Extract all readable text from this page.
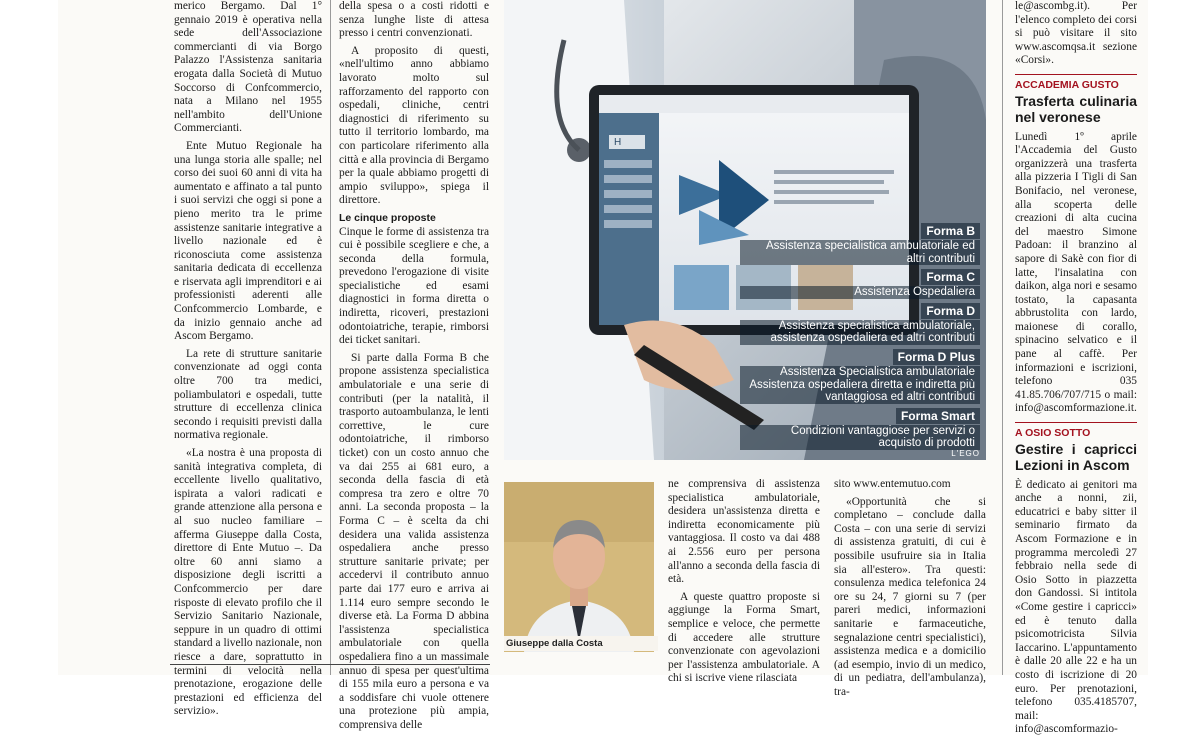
merico Bergamo. Dal 1° gennaio 2019 è operativa nella sede dell'Associazione commercianti di via Borgo Palazzo l'Assistenza sanitaria erogata dalla Società di Mutuo Soccorso di Confcommercio, nata a Milano nel 1955 nell'ambito dell'Unione Commercianti.

Ente Mutuo Regionale ha una lunga storia alle spalle; nel corso dei suoi 60 anni di vita ha aumentato e affinato a tal punto i suoi servizi che oggi si pone a pieno merito tra le prime assistenze sanitarie integrative a livello nazionale ed è riconosciuta come assistenza sanitaria dedicata di eccellenza e riservata agli imprenditori e ai professionisti aderenti alle Confcommercio Lombarde, e da inizio gennaio anche ad Ascom Bergamo.

La rete di strutture sanitarie convenzionate ad oggi conta oltre 700 tra medici, poliambulatori e ospedali, tutte strutture di eccellenza clinica secondo i requisiti previsti dalla normativa regionale.

«La nostra è una proposta di sanità integrativa completa, di eccellente livello qualitativo, ispirata a valori radicati e grande attenzione alla persona e al suo nucleo familiare – afferma Giuseppe dalla Costa, direttore di Ente Mutuo –. Da oltre 60 anni siamo a disposizione degli iscritti a Confcommercio per dare risposte di elevato profilo che il Servizio Sanitario Nazionale, seppure in un quadro di ottimi standard a livello nazionale, non riesce a dare, soprattutto in termini di velocità nella prenotazione, erogazione delle prestazioni ed efficienza del servizio».

della spesa o a costi ridotti e senza lunghe liste di attesa presso i centri convenzionati.

A proposito di questi, «nell'ultimo anno abbiamo lavorato molto sul rafforzamento del rapporto con ospedali, cliniche, centri diagnostici di riferimento su tutto il territorio lombardo, ma con particolare riferimento alla città e alla provincia di Bergamo per la quale abbiamo progetti di ampio sviluppo», spiega il direttore.

Le cinque proposte

Cinque le forme di assistenza tra cui è possibile scegliere e che, a seconda della formula, prevedono l'erogazione di visite specialistiche ed esami diagnostici in forma diretta o indiretta, ricoveri, prestazioni odontoiatriche, terapie, rimborsi dei ticket sanitari.

Si parte dalla Forma B che propone assistenza specialistica ambulatoriale e una serie di contributi (per la natalità, il trasporto autoambulanza, le lenti correttive, le cure odontoiatriche, il rimborso ticket) con un costo annuo che va dai 255 ai 681 euro, a seconda della fascia di età compresa tra zero e oltre 70 anni. La seconda proposta – la Forma C – è scelta da chi desidera una valida assistenza ospedaliera anche presso strutture sanitarie private; per accedervi il contributo annuo parte dai 177 euro e arriva ai 1.114 euro sempre secondo le diverse età. La Forma D abbina l'assistenza specialistica ambulatoriale con quella ospedaliera fino a un massimale annuo di spesa per quest'ultima di 155 mila euro a persona e va a soddisfare chi vuole ottenere una protezione più ampia, comprensiva delle

H
Forma B
Assistenza specialistica ambulatoriale ed altri contributi
Forma C
Assistenza Ospedaliera
Forma D
Assistenza specialistica ambulatoriale, assistenza ospedaliera ed altri contributi
Forma D Plus
Assistenza Specialistica ambulatoriale Assistenza ospedaliera diretta e indiretta più vantaggiosa ed altri contributi
Forma Smart
Condizioni vantaggiose per servizi o acquisto di prodotti
L'EGO
Giuseppe dalla Costa

ne comprensiva di assistenza specialistica ambulatoriale, desidera un'assistenza diretta e indiretta economicamente più vantaggiosa. Il costo va dai 488 ai 2.556 euro per persona all'anno a seconda della fascia di età.

A queste quattro proposte si aggiunge la Forma Smart, semplice e veloce, che permette di accedere alle strutture convenzionate con agevolazioni per l'assistenza ambulatoriale. A chi si iscrive viene rilasciata

sito www.entemutuo.com

«Opportunità che si completano – conclude dalla Costa – con una serie di servizi di assistenza gratuiti, di cui è possibile usufruire sia in Italia sia all'estero». Tra questi: consulenza medica telefonica 24 ore su 24, 7 giorni su 7 (per pareri medici, informazioni sanitarie e farmaceutiche, segnalazione centri specialistici), assistenza medica e a domicilio (ad esempio, invio di un medico, di un pediatra, dell'ambulanza), tra-

le@ascombg.it). Per l'elenco completo dei corsi si può visitare il sito www.ascomqsa.it sezione «Corsi».

ACCADEMIA GUSTO
Trasferta culinaria nel veronese

Lunedì 1º aprile l'Accademia del Gusto organizzerà una trasferta alla pizzeria I Tigli di San Bonifacio, nel veronese, alla scoperta delle creazioni di alta cucina del maestro Simone Padoan: il branzino al sapore di Sakè con fior di latte, l'insalatina con daikon, alga nori e sesamo tostato, la capasanta abbrustolita con lardo, maionese di corallo, spinacino selvatico e il pane al caffè. Per informazioni e iscrizioni, telefono 035 41.85.706/707/715 o mail: info@ascomformazione.it.

A OSIO SOTTO
Gestire i capricci Lezioni in Ascom

È dedicato ai genitori ma anche a nonni, zii, educatrici e baby sitter il seminario firmato da Ascom Formazione e in programma mercoledì 27 febbraio nella sede di Osio Sotto in piazzetta don Gandossi. Si intitola «Come gestire i capricci» ed è tenuto dalla psicomotricista Silvia Iaccarino. L'appuntamento è dalle 20 alle 22 e ha un costo di iscrizione di 20 euro. Per prenotazioni, telefono 035.4185707, mail: info@ascomformazio-
